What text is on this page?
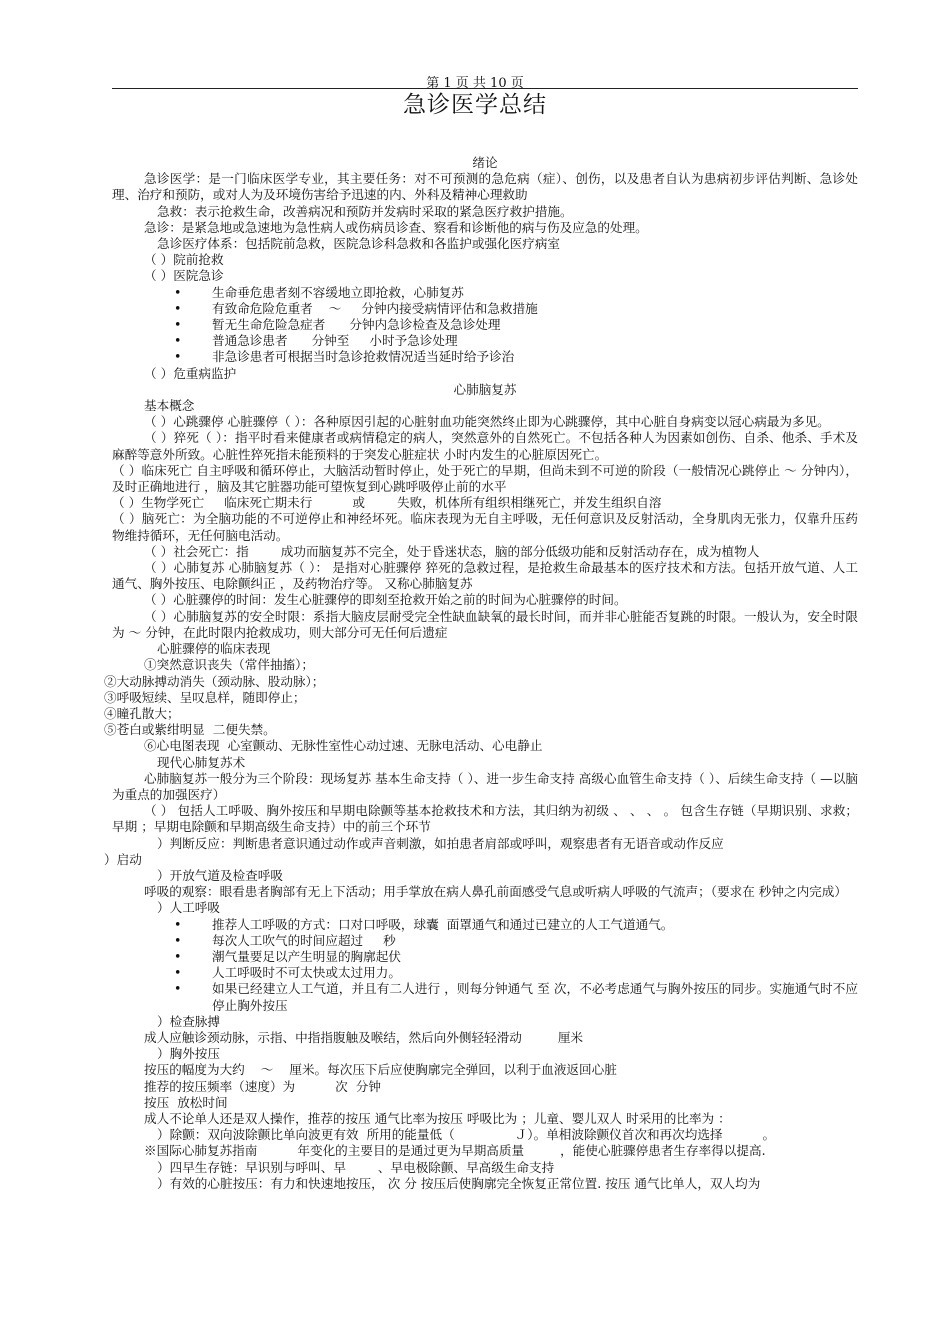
第 1 页 共 10 页
急诊医学总结

绪论

急诊医学：是一门临床医学专业，其主要任务：对不可预测的急危病（症）、创伤，以及患者自认为患病初步评估判断、急诊处理、治疗和预防，或对人为及环境伤害给予迅速的内、外科及精神心理救助

急救：表示抢救生命，改善病况和预防并发病时采取的紧急医疗救护措施。

急诊：是紧急地或急速地为急性病人或伤病员诊查、察看和诊断他的病与伤及应急的处理。

急诊医疗体系：包括院前急救，医院急诊科急救和各监护或强化医疗病室

（ ）院前抢救

（ ）医院急诊

• 生命垂危患者刻不容缓地立即抢救，心肺复苏

• 有致命危险危重者    ～     分钟内接受病情评估和急救措施

• 暂无生命危险急症者      分钟内急诊检查及急诊处理

• 普通急诊患者      分钟至     小时予急诊处理

• 非急诊患者可根据当时急诊抢救情况适当延时给予诊治

（ ）危重病监护

心肺脑复苏

基本概念

（ ）心跳骤停 心脏骤停（ ）：各种原因引起的心脏射血功能突然终止即为心跳骤停，其中心脏自身病变以冠心病最为多见。

（ ）猝死（ ）：指平时看来健康者或病情稳定的病人，突然意外的自然死亡。不包括各种人为因素如创伤、自杀、他杀、手术及麻醉等意外所致。心脏性猝死指未能预料的于突发心脏症状 小时内发生的心脏原因死亡。

（ ）临床死亡 自主呼吸和循环停止，大脑活动暂时停止，处于死亡的早期，但尚未到不可逆的阶段（一般情况心跳停止 ～ 分钟内），及时正确地进行 ，脑及其它脏器功能可望恢复到心跳呼吸停止前的水平

（ ）生物学死亡     临床死亡期未行          或        失败，机体所有组织相继死亡，并发生组织自溶

（ ）脑死亡：为全脑功能的不可逆停止和神经坏死。临床表现为无自主呼吸，无任何意识及反射活动，全身肌肉无张力，仅靠升压药物维持循环，无任何脑电活动。

（ ）社会死亡：指        成功而脑复苏不完全，处于昏迷状态，脑的部分低级功能和反射活动存在，成为植物人

（ ）心肺复苏 心肺脑复苏（ ）： 是指对心脏骤停 猝死的急救过程，是抢救生命最基本的医疗技术和方法。包括开放气道、人工通气、胸外按压、电除颤纠正 ，及药物治疗等。 又称心肺脑复苏

（ ）心脏骤停的时间：发生心脏骤停的即刻至抢救开始之前的时间为心脏骤停的时间。

（ ）心肺脑复苏的安全时限：系指大脑皮层耐受完全性缺血缺氧的最长时间，而并非心脏能否复跳的时限。一般认为，安全时限为 ～ 分钟，在此时限内抢救成功，则大部分可无任何后遗症

心脏骤停的临床表现

①突然意识丧失（常伴抽搐）；

②大动脉搏动消失（颈动脉、股动脉）；

③呼吸短续、呈叹息样，随即停止；

④瞳孔散大；

⑤苍白或紫绀明显  二便失禁。

⑥心电图表现  心室颤动、无脉性室性心动过速、无脉电活动、心电静止

现代心肺复苏术

心肺脑复苏一般分为三个阶段：现场复苏 基本生命支持（ ）、进一步生命支持 高级心血管生命支持（ ）、后续生命支持（ —以脑为重点的加强医疗）

（ ） 包括人工呼吸、胸外按压和早期电除颤等基本抢救技术和方法，其归纳为初级 、 、 、 。 包含生存链（早期识别、求救；早期 ；早期电除颤和早期高级生命支持）中的前三个环节

）判断反应：判断患者意识通过动作或声音刺激，如拍患者肩部或呼叫，观察患者有无语音或动作反应

）启动

）开放气道及检查呼吸

呼吸的观察：眼看患者胸部有无上下活动；用手掌放在病人鼻孔前面感受气息或听病人呼吸的气流声；（要求在 秒钟之内完成）

）人工呼吸

• 推荐人工呼吸的方式：口对口呼吸，球囊  面罩通气和通过已建立的人工气道通气。

• 每次人工吹气的时间应超过     秒

• 潮气量要足以产生明显的胸廓起伏

• 人工呼吸时不可太快或太过用力。

• 如果已经建立人工气道，并且有二人进行 ，则每分钟通气 至 次，不必考虑通气与胸外按压的同步。实施通气时不应停止胸外按压

）检查脉搏

成人应触诊颈动脉，示指、中指指腹触及喉结，然后向外侧轻轻滑动         厘米

）胸外按压

按压的幅度为大约    ～    厘米。每次压下后应使胸廓完全弹回，以利于血液返回心脏

推荐的按压频率（速度）为          次  分钟

按压  放松时间

成人不论单人还是双人操作，推荐的按压 通气比率为按压 呼吸比为 ；儿童、婴儿双人 时采用的比率为 ：

）除颤：双向波除颤比单向波更有效  所用的能量低（               Ｊ）。单相波除颤仪首次和再次均选择          。

※国际心肺复苏指南          年变化的主要目的是通过更为早期高质量         ，能使心脏骤停患者生存率得以提高.

）四早生存链：早识别与呼叫、早        、早电极除颤、早高级生命支持

）有效的心脏按压：有力和快速地按压， 次 分 按压后使胸廓完全恢复正常位置. 按压 通气比单人，双人均为
